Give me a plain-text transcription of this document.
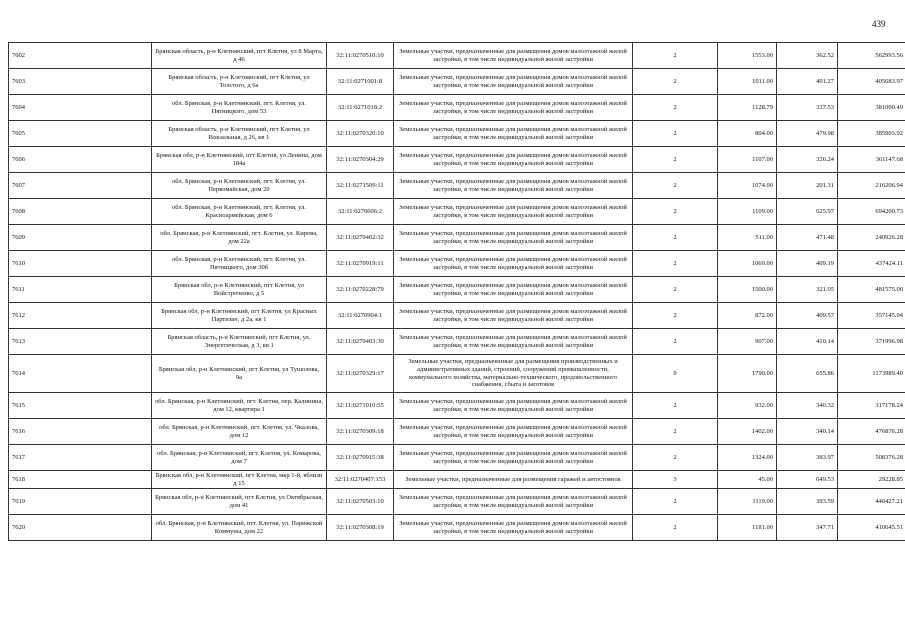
439
7602	Брянская область, р-н Клетнянский, пгт Клетня, ул 8 Марта, д 46	32:11:0270510:10	Земельные участки, предназначенные для размещения домов малоэтажной жилой застройки, в том числе индивидуальной жилой застройки	2	1553.00	362.52	562993.56
7603	Брянская область, р-н Клетнянский, пгт Клетня, ул Толстого, д 6а	32:11:0271001:8	Земельные участки, предназначенные для размещения домов малоэтажной жилой застройки, в том числе индивидуальной жилой застройки	2	1011.00	401.27	405683.97
7604	обл. Брянская, р-н Клетнянский, пгт. Клетня, ул. Пятницкого, дом 53	32:11:0271018:2	Земельные участки, предназначенные для размещения домов малоэтажной жилой застройки, в том числе индивидуальной жилой застройки	2	1128.79	337.53	381000.49
7605	Брянская область, р-н Клетнянский, пгт Клетня, ул Вокзальная, д 26, кв 1	32:11:0270320:10	Земельные участки, предназначенные для размещения домов малоэтажной жилой застройки, в том числе индивидуальной жилой застройки	2	804.00	479.98	385903.92
7606	Брянская обл, р-н Клетнянский, пгт Клетня, ул Ленина, дом 184а	32:11:0270304:29	Земельные участки, предназначенные для размещения домов малоэтажной жилой застройки, в том числе индивидуальной жилой застройки	2	1107.00	326.24	361147.68
7607	обл. Брянская, р-н Клетнянский, пгт. Клетня, ул. Первомайская, дом 20	32:11:0271509:11	Земельные участки, предназначенные для размещения домов малоэтажной жилой застройки, в том числе индивидуальной жилой застройки	2	1074.00	201.31	216206.94
7608	обл. Брянская, р-н Клетнянский, пгт. Клетня, ул. Красноармейская, дом 6	32:11:0270606:2	Земельные участки, предназначенные для размещения домов малоэтажной жилой застройки, в том числе индивидуальной жилой застройки	2	1109.00	625.97	694200.73
7609	обл. Брянская, р-н Клетнянский, пгт. Клетня, ул. Кирова, дом 22а	32:11:0270402:32	Земельные участки, предназначенные для размещения домов малоэтажной жилой застройки, в том числе индивидуальной жилой застройки	2	511.00	471.48	240926.28
7610	обл. Брянская, р-н Клетнянский, пгт. Клетня, ул. Пятницкого, дом 30б	32:11:0270919:11	Земельные участки, предназначенные для размещения домов малоэтажной жилой застройки, в том числе индивидуальной жилой застройки	2	1069.00	409.19	437424.11
7611	Брянская обл, р-н Клетнянский, пгт Клетня, ул Войстроченко, д 5	32:11:0270228:79	Земельные участки, предназначенные для размещения домов малоэтажной жилой застройки, в том числе индивидуальной жилой застройки	2	1500.00	321.05	481575.00
7612	Брянская обл, р-н Клетнянский, пгт Клетня, ул Красных Партизан, д 2а, кв 1	32:11:0270904:1	Земельные участки, предназначенные для размещения домов малоэтажной жилой застройки, в том числе индивидуальной жилой застройки	2	872.00	409.57	357145.04
7613	Брянская область, р-н Клетнянский, пгт Клетня, ул. Энергетическая, д 3, кв 1	32:11:0270403:30	Земельные участки, предназначенные для размещения домов малоэтажной жилой застройки, в том числе индивидуальной жилой застройки	2	907.00	410.14	371996.98
7614	Брянская обл, р-н Клетнянский, пгт Клетня, ул Тушолова, 9а	32:11:0270329:17	Земельные участки, предназначенные для размещения производственных и административных зданий, строений, сооружений промышленности, коммунального хозяйства, материально-технического, продовольственного снабжения, сбыта и заготовок	9	1790.00	655.86	1173989.40
7615	обл. Брянская, р-н Клетнянский, пгт. Клетня, пер. Калинина, дом 12, квартира 1	32:11:0271010:55	Земельные участки, предназначенные для размещения домов малоэтажной жилой застройки, в том числе индивидуальной жилой застройки	2	932.00	340.32	317178.24
7616	обл. Брянская, р-н Клетнянский, пгт. Клетня, ул. Чкалова, дом 12	32:11:0270309:18	Земельные участки, предназначенные для размещения домов малоэтажной жилой застройки, в том числе индивидуальной жилой застройки	2	1402.00	340.14	476876.28
7617	обл. Брянская, р-н Клетнянский, пгт. Клетня, ул. Комарова, дом 7	32:11:0270915:38	Земельные участки, предназначенные для размещения домов малоэтажной жилой застройки, в том числе индивидуальной жилой застройки	2	1324.00	383.97	508376.28
7618	Брянская обл, р-н Клетнянский, пгт Клетня, мкр 1-й, вблизи д 15	32:11:0270407:153	Земельные участки, предназначенные для размещения гаражей и автостоянок	3	45.00	649.53	29228.85
7619	Брянская обл, р-н Клетнянский, пгт Клетня, ул Октябрьская, дом 41	32:11:0270503:10	Земельные участки, предназначенные для размещения домов малоэтажной жилой застройки, в том числе индивидуальной жилой застройки	2	1119.00	393.59	440427.21
7620	обл. Брянская, р-н Клетнянский, пгт. Клетня, ул. Парижской Коммуны, дом 22	32:11:0270308:19	Земельные участки, предназначенные для размещения домов малоэтажной жилой застройки, в том числе индивидуальной жилой застройки	2	1181.00	347.71	410645.51
